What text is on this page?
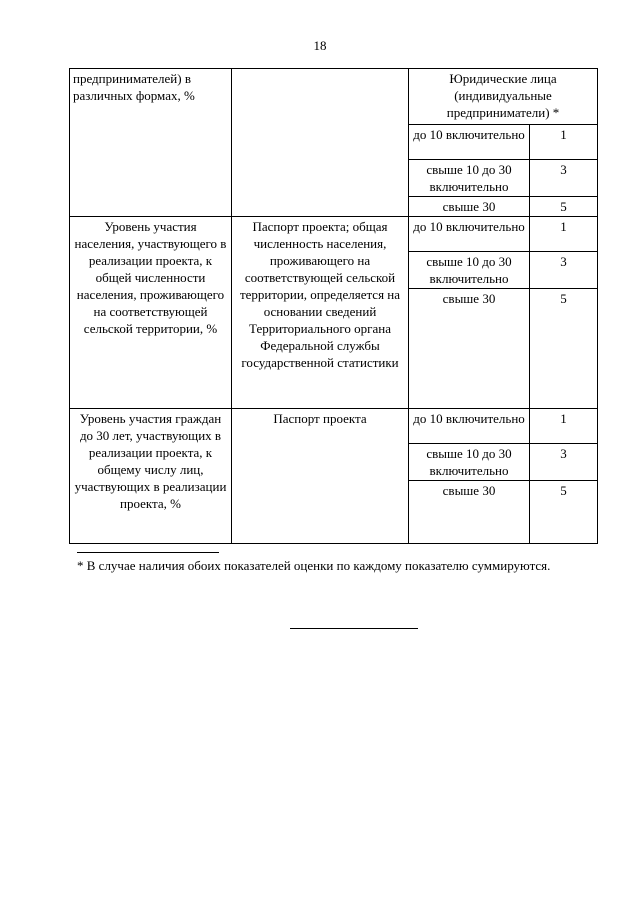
18
предпринимателей) в различных формах, %		Юридические лица (индивидуальные предприниматели) *	
		до 10 включительно	1
		свыше 10 до 30 включительно	3
		свыше 30	5
Уровень участия населения, участвующего в реализации проекта, к общей численности населения, проживающего на соответствующей сельской территории, %	Паспорт проекта; общая численность населения, проживающего на соответствующей сельской территории, определяется на основании сведений Территориального органа Федеральной службы государственной статистики	до 10 включительно	1
		свыше 10 до 30 включительно	3
		свыше 30	5
Уровень участия граждан до 30 лет, участвующих в реализации проекта, к общему числу лиц, участвующих в реализации проекта, %	Паспорт проекта	до 10 включительно	1
		свыше 10 до 30 включительно	3
		свыше 30	5
* В случае наличия обоих показателей оценки по каждому показателю суммируются.
